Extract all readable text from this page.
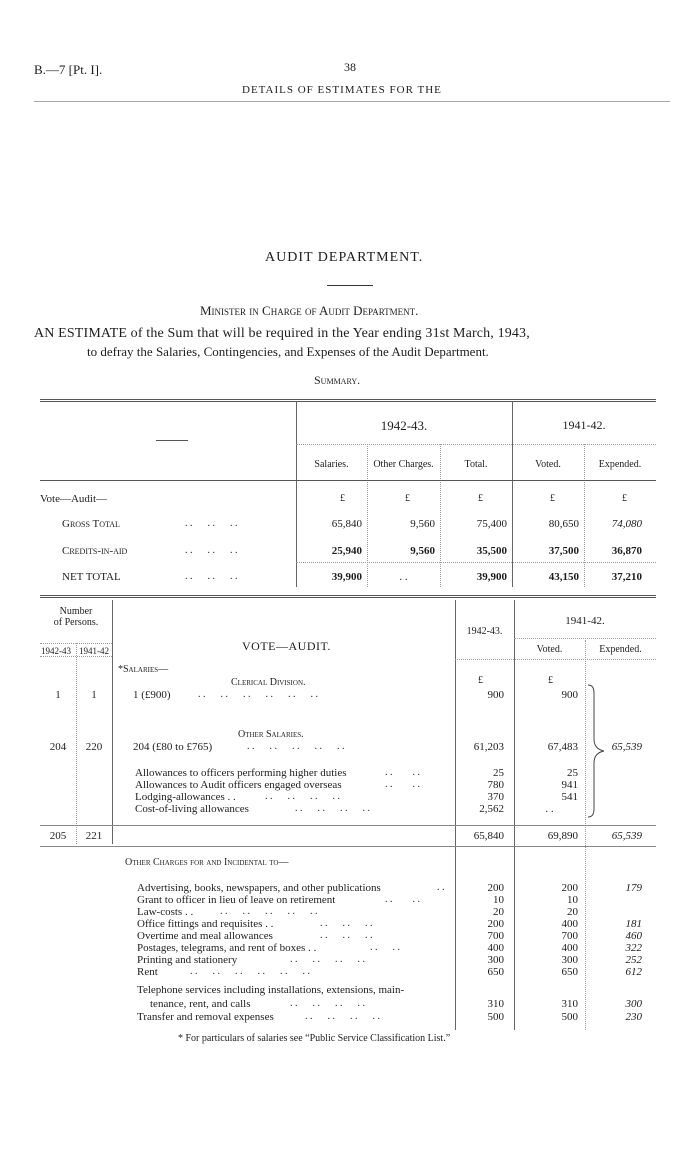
B.—7 [Pt. I].	38
DETAILS OF ESTIMATES FOR THE
AUDIT DEPARTMENT.
Minister in Charge of Audit Department.
AN ESTIMATE of the Sum that will be required in the Year ending 31st March, 1943,
to defray the Salaries, Contingencies, and Expenses of the Audit Department.
Summary.
1942-43.	1941-42.
Salaries.	Other Charges.	Total.	Voted.	Expended.
Vote—Audit—	£	£	£	£	£
Gross Total	. .      . .      . .	65,840	9,560	75,400	80,650	74,080
Credits-in-aid	. .      . .      . .	25,940	9,560	35,500	37,500	36,870
NET TOTAL	. .      . .      . .	39,900	. .	39,900	43,150	37,210
Number
of Persons.
1942-43 1941-42	VOTE—AUDIT.
1942-43.
1941-42.
Voted.	Expended.
*Salaries—
Clerical Division.	£	£
1	1	1 (£900)	. .      . .      . .      . .      . .      . .	900	900
Other Salaries.
204	220	204 (£80 to £765)	. .      . .      . .      . .      . .	61,203	67,483	65,539
Allowances to officers performing higher duties	. .        . .	25	25
Allowances to Audit officers engaged overseas	. .        . .	780	941
Lodging-allowances . .	. .      . .      . .      . .	370	541
Cost-of-living allowances	. .      . .      . .      . .	2,562	. .
205	221	65,840	69,890	65,539
Other Charges for and Incidental to—
Advertising, books, newspapers, and other publications	. .	200	200	179
Grant to officer in lieu of leave on retirement	. .        . .	10	10
Law-costs . .	. .      . .      . .      . .      . .	20	20
Office fittings and requisites . .	. .      . .      . .	200	400	181
Overtime and meal allowances	. .      . .      . .	700	700	460
Postages, telegrams, and rent of boxes . .	. .      . .	400	400	322
Printing and stationery	. .      . .      . .      . .	300	300	252
Rent	. .      . .      . .      . .      . .      . .	650	650	612
Telephone services including installations, extensions, main-
tenance, rent, and calls	. .      . .      . .      . .	310	310	300
Transfer and removal expenses	. .      . .      . .      . .	500	500	230
* For particulars of salaries see “Public Service Classification List.”
